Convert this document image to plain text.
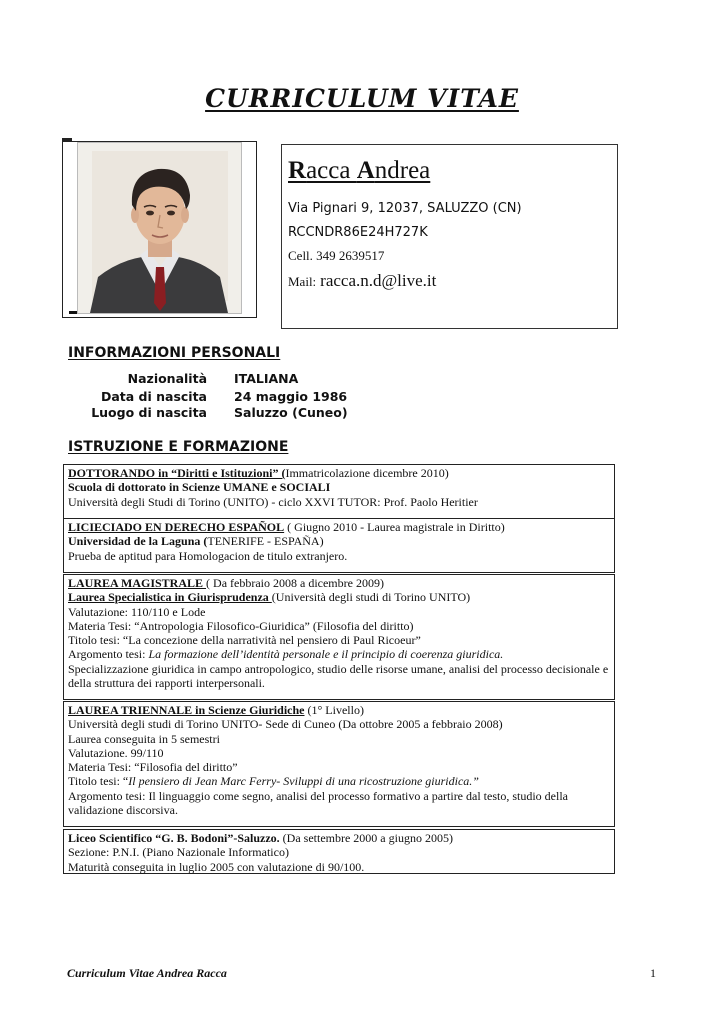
CURRICULUM VITAE
Racca Andrea
Via Pignari 9, 12037, SALUZZO (CN)
RCCNDR86E24H727K
Cell. 349 2639517
Mail: racca.n.d@live.it
INFORMAZIONI PERSONALI
Nazionalità ITALIANA
Data di nascita 24 maggio 1986
Luogo di nascita Saluzzo (Cuneo)
ISTRUZIONE E FORMAZIONE
DOTTORANDO in “Diritti e Istituzioni” (Immatricolazione dicembre 2010)
Scuola di dottorato in Scienze UMANE e SOCIALI
Università degli Studi di Torino (UNITO) - ciclo XXVI TUTOR: Prof. Paolo Heritier
LICIECIADO EN DERECHO ESPAÑOL ( Giugno 2010 - Laurea magistrale in Diritto)
Universidad de la Laguna (TENERIFE - ESPAÑA)
Prueba de aptitud para Homologacion de titulo extranjero.
LAUREA MAGISTRALE ( Da febbraio 2008 a dicembre 2009)
Laurea Specialistica in Giurisprudenza (Università degli studi di Torino UNITO)
Valutazione: 110/110 e Lode
Materia Tesi: “Antropologia Filosofico-Giuridica” (Filosofia del diritto)
Titolo tesi: “La concezione della narratività nel pensiero di Paul Ricoeur”
Argomento tesi: La formazione dell’identità personale e il principio di coerenza giuridica.
Specializzazione giuridica in campo antropologico, studio delle risorse umane, analisi del processo decisionale e della struttura dei rapporti interpersonali.
LAUREA TRIENNALE in Scienze Giuridiche (1° Livello)
Università degli studi di Torino UNITO- Sede di Cuneo (Da ottobre 2005 a febbraio 2008)
Laurea conseguita in 5 semestri
Valutazione. 99/110
Materia Tesi: “Filosofia del diritto”
Titolo tesi: “Il pensiero di Jean Marc Ferry- Sviluppi di una ricostruzione giuridica.”
Argomento tesi: Il linguaggio come segno, analisi del processo formativo a partire dal testo, studio della validazione discorsiva.
Liceo Scientifico “G. B. Bodoni”-Saluzzo. (Da settembre 2000 a giugno 2005)
Sezione: P.N.I. (Piano Nazionale Informatico)
Maturità conseguita in luglio 2005 con valutazione di 90/100.
Curriculum Vitae Andrea Racca	1
